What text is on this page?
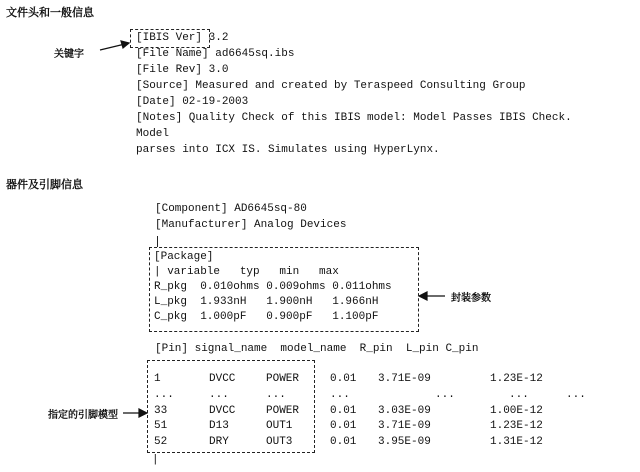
文件头和一般信息
关键字
[IBIS Ver] 3.2
[File Name] ad6645sq.ibs
[File Rev] 3.0
[Source] Measured and created by Teraspeed Consulting Group
[Date] 02-19-2003
[Notes] Quality Check of this IBIS model: Model Passes IBIS Check.
Model
parses into ICX IS. Simulates using HyperLynx.
器件及引脚信息
[Component] AD6645sq-80
[Manufacturer] Analog Devices
[Package]
| variable   typ   min   max
R_pkg  0.010ohms 0.009ohms 0.011ohms
L_pkg  1.933nH   1.900nH   1.966nH
C_pkg  1.000pF   0.900pF   1.100pF
封装参数
[Pin] signal_name  model_name  R_pin  L_pin C_pin
1	DVCC	POWER	0.01 3.71E-09	1.23E-12
...	...	...	...	...	...	...
33	DVCC	POWER	0.01 3.03E-09	1.00E-12
51	D13	OUT1	0.01 3.71E-09	1.23E-12
52	DRY	OUT3	0.01 3.95E-09	1.31E-12
|
指定的引脚模型
